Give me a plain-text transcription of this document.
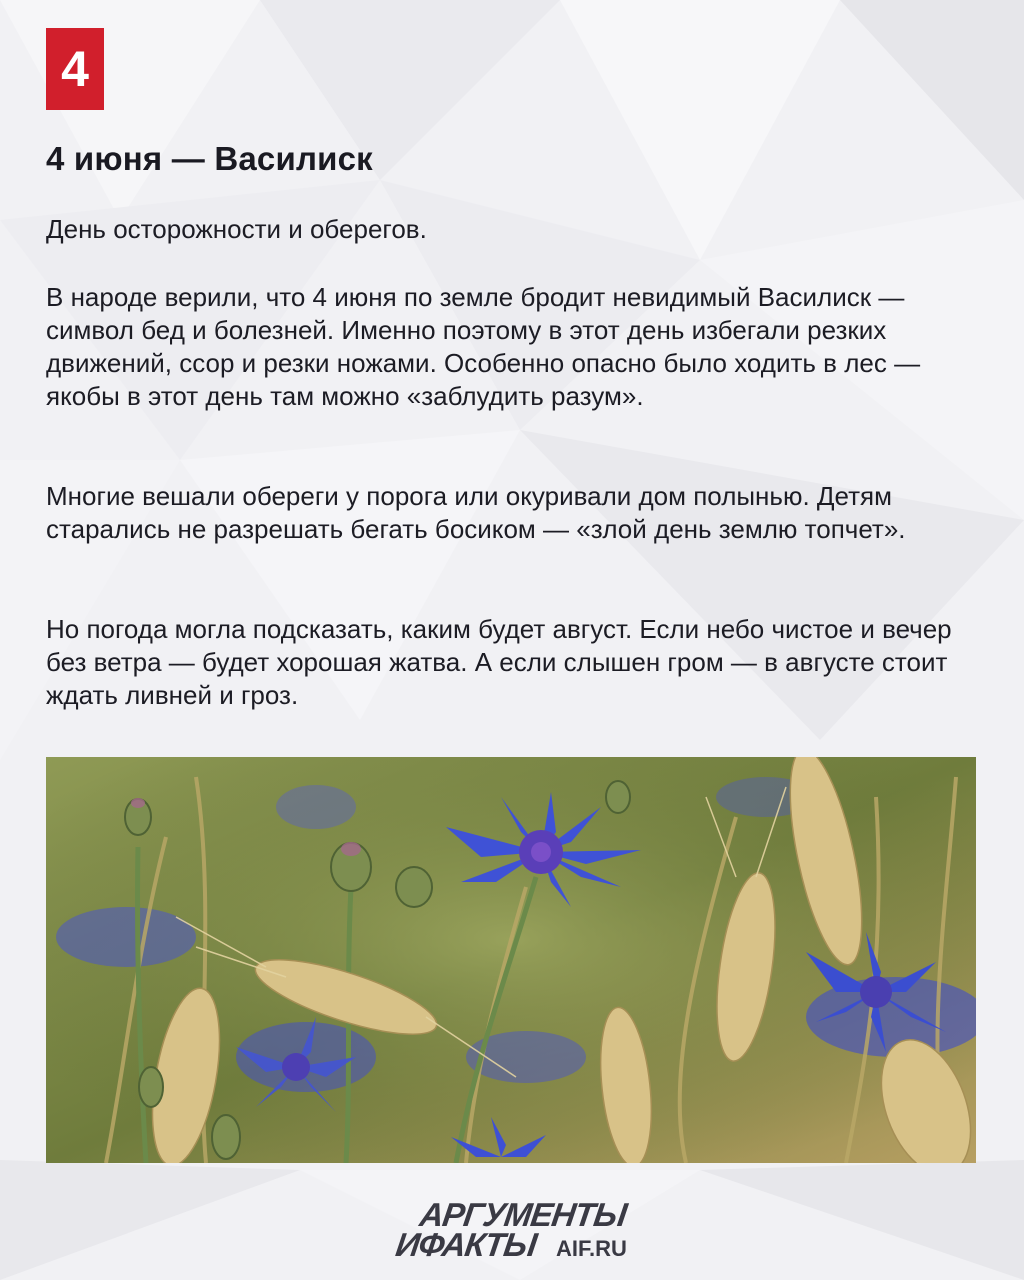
4
4 июня — Василиск

День осторожности и оберегов.

В народе верили, что 4 июня по земле бродит невидимый Василиск — символ бед и болезней. Именно поэтому в этот день избегали резких движений, ссор и резки ножами. Особенно опасно было ходить в лес — якобы в этот день там можно «заблудить разум».

Многие вешали обереги у порога или окуривали дом полынью. Детям старались не разрешать бегать босиком — «злой день землю топчет».

Но погода могла подсказать, каким будет август. Если небо чистое и вечер без ветра — будет хорошая жатва. А если слышен гром — в августе стоит ждать ливней и гроз.

АРГУМЕНТЫ
ИФАКТЫ AIF.RU
